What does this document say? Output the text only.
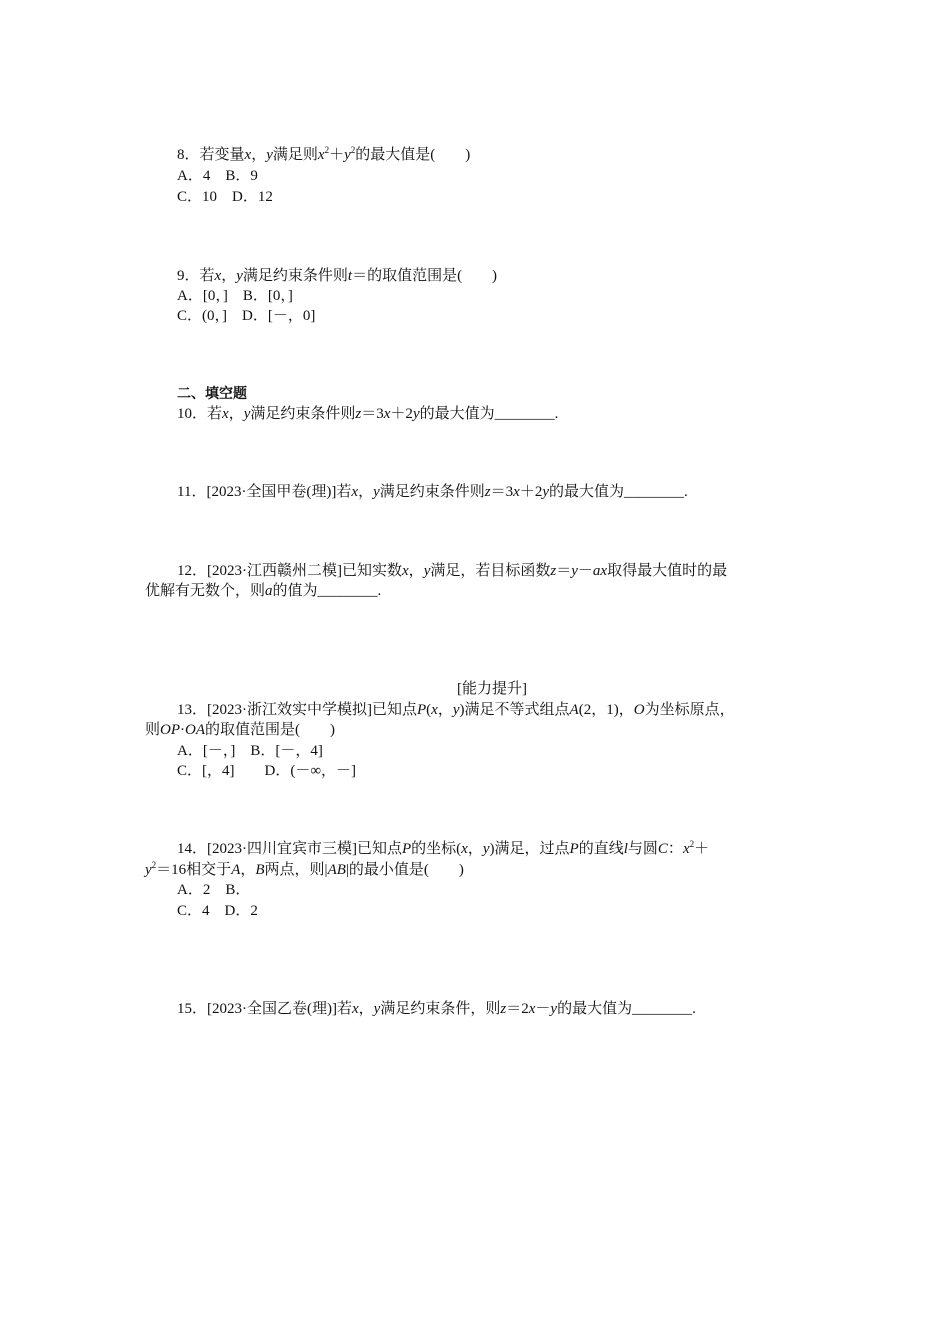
8．若变量x，y满足则$x^2+y^2$的最大值是(　　)
A．4　B．9
C．10　D．12
9．若x，y满足约束条件则t＝的取值范围是(　　)
A．[0，]　B．[0，]
C．(0，]　D．[－，0]
二、填空题
10．若x，y满足约束条件则z＝3x＋2y的最大值为________.
11．[2023·全国甲卷(理)]若x，y满足约束条件则z＝3x＋2y的最大值为________.
12．[2023·江西赣州二模]已知实数x，y满足，若目标函数z＝y－ax取得最大值时的最
优解有无数个，则a的值为________.
[能力提升]
13．[2023·浙江效实中学模拟]已知点P(x，y)满足不等式组点A(2，1)，O为坐标原点，
则OP·OA的取值范围是(　　)
A．[－，]　B．[－，4]
C．[，4]　　D．(－∞，－]
14．[2023·四川宜宾市三模]已知点P的坐标(x，y)满足，过点P的直线l与圆C：$x^2+$
$y^2=16$相交于A，B两点，则|AB|的最小值是(　　)
A．2　B．
C．4　D．2
15．[2023·全国乙卷(理)]若x，y满足约束条件，则z＝2x－y的最大值为________.
